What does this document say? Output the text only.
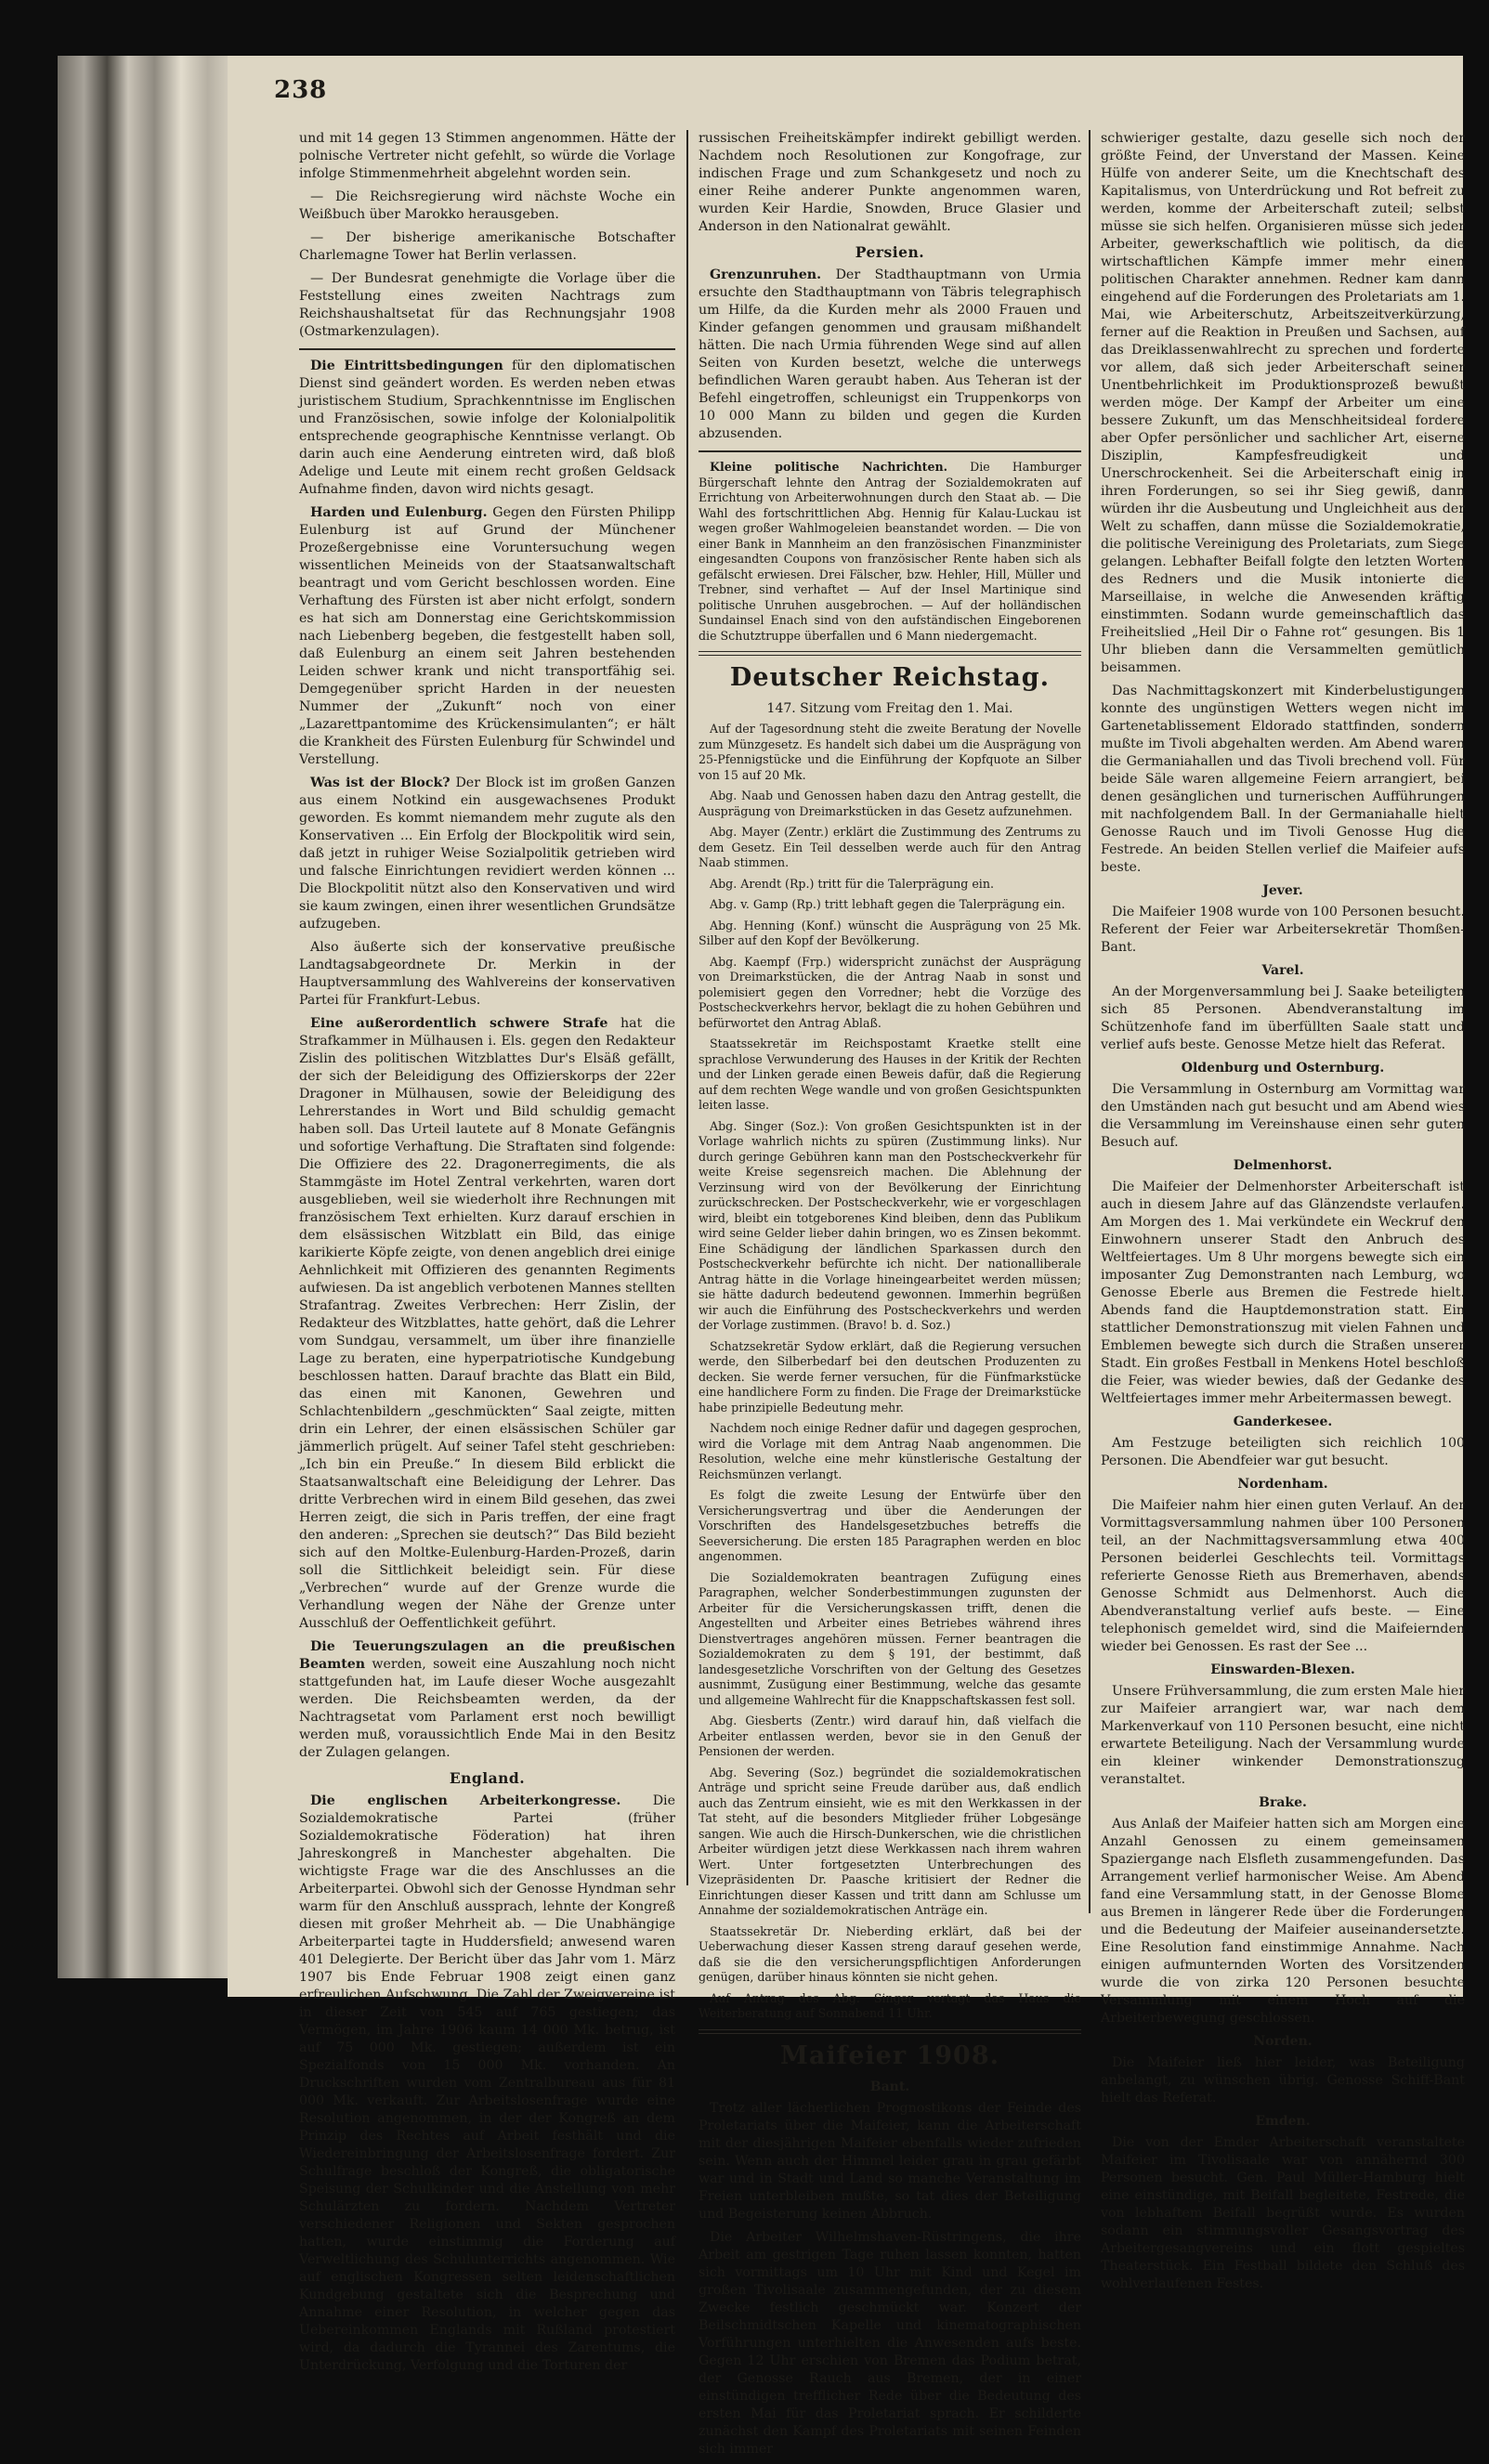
238

und mit 14 gegen 13 Stimmen angenommen. Hätte der polnische Vertreter nicht gefehlt, so würde die Vorlage infolge Stimmenmehrheit abgelehnt worden sein.

— Die Reichsregierung wird nächste Woche ein Weißbuch über Marokko herausgeben.

— Der bisherige amerikanische Botschafter Charlemagne Tower hat Berlin verlassen.

— Der Bundesrat genehmigte die Vorlage über die Feststellung eines zweiten Nachtrags zum Reichshaushaltsetat für das Rechnungsjahr 1908 (Ostmarkenzulagen).

Die Eintrittsbedingungen für den diplomatischen Dienst sind geändert worden. Es werden neben etwas juristischem Studium, Sprachkenntnisse im Englischen und Französischen, sowie infolge der Kolonialpolitik entsprechende geographische Kenntnisse verlangt. Ob darin auch eine Aenderung eintreten wird, daß bloß Adelige und Leute mit einem recht großen Geldsack Aufnahme finden, davon wird nichts gesagt.

Harden und Eulenburg. Gegen den Fürsten Philipp Eulenburg ist auf Grund der Münchener Prozeßergebnisse eine Voruntersuchung wegen wissentlichen Meineids von der Staatsanwaltschaft beantragt und vom Gericht beschlossen worden. Eine Verhaftung des Fürsten ist aber nicht erfolgt, sondern es hat sich am Donnerstag eine Gerichtskommission nach Liebenberg begeben, die festgestellt haben soll, daß Eulenburg an einem seit Jahren bestehenden Leiden schwer krank und nicht transportfähig sei. Demgegenüber spricht Harden in der neuesten Nummer der „Zukunft“ noch von einer „Lazarettpantomime des Krückensimulanten“; er hält die Krankheit des Fürsten Eulenburg für Schwindel und Verstellung.

Was ist der Block? Der Block ist im großen Ganzen aus einem Notkind ein ausgewachsenes Produkt geworden. Es kommt niemandem mehr zugute als den Konservativen ... Ein Erfolg der Blockpolitik wird sein, daß jetzt in ruhiger Weise Sozialpolitik getrieben wird und falsche Einrichtungen revidiert werden können ... Die Blockpolitit nützt also den Konservativen und wird sie kaum zwingen, einen ihrer wesentlichen Grundsätze aufzugeben.

Also äußerte sich der konservative preußische Landtagsabgeordnete Dr. Merkin in der Hauptversammlung des Wahlvereins der konservativen Partei für Frankfurt-Lebus.

Eine außerordentlich schwere Strafe hat die Strafkammer in Mülhausen i. Els. gegen den Redakteur Zislin des politischen Witzblattes Dur's Elsäß gefällt, der sich der Beleidigung des Offizierskorps der 22er Dragoner in Mülhausen, sowie der Beleidigung des Lehrerstandes in Wort und Bild schuldig gemacht haben soll. Das Urteil lautete auf 8 Monate Gefängnis und sofortige Verhaftung. Die Straftaten sind folgende: Die Offiziere des 22. Dragonerregiments, die als Stammgäste im Hotel Zentral verkehrten, waren dort ausgeblieben, weil sie wiederholt ihre Rechnungen mit französischem Text erhielten. Kurz darauf erschien in dem elsässischen Witzblatt ein Bild, das einige karikierte Köpfe zeigte, von denen angeblich drei einige Aehnlichkeit mit Offizieren des genannten Regiments aufwiesen. Da ist angeblich verbotenen Mannes stellten Strafantrag. Zweites Verbrechen: Herr Zislin, der Redakteur des Witzblattes, hatte gehört, daß die Lehrer vom Sundgau, versammelt, um über ihre finanzielle Lage zu beraten, eine hyperpatriotische Kundgebung beschlossen hatten. Darauf brachte das Blatt ein Bild, das einen mit Kanonen, Gewehren und Schlachtenbildern „geschmückten“ Saal zeigte, mitten drin ein Lehrer, der einen elsässischen Schüler gar jämmerlich prügelt. Auf seiner Tafel steht geschrieben: „Ich bin ein Preuße.“ In diesem Bild erblickt die Staatsanwaltschaft eine Beleidigung der Lehrer. Das dritte Verbrechen wird in einem Bild gesehen, das zwei Herren zeigt, die sich in Paris treffen, der eine fragt den anderen: „Sprechen sie deutsch?“ Das Bild bezieht sich auf den Moltke-Eulenburg-Harden-Prozeß, darin soll die Sittlichkeit beleidigt sein. Für diese „Verbrechen“ wurde auf der Grenze wurde die Verhandlung wegen der Nähe der Grenze unter Ausschluß der Oeffentlichkeit geführt.

Die Teuerungszulagen an die preußischen Beamten werden, soweit eine Auszahlung noch nicht stattgefunden hat, im Laufe dieser Woche ausgezahlt werden. Die Reichsbeamten werden, da der Nachtragsetat vom Parlament erst noch bewilligt werden muß, voraussichtlich Ende Mai in den Besitz der Zulagen gelangen.

England.

Die englischen Arbeiterkongresse. Die Sozialdemokratische Partei (früher Sozialdemokratische Föderation) hat ihren Jahreskongreß in Manchester abgehalten. Die wichtigste Frage war die des Anschlusses an die Arbeiterpartei. Obwohl sich der Genosse Hyndman sehr warm für den Anschluß aussprach, lehnte der Kongreß diesen mit großer Mehrheit ab. — Die Unabhängige Arbeiterpartei tagte in Huddersfield; anwesend waren 401 Delegierte. Der Bericht über das Jahr vom 1. März 1907 bis Ende Februar 1908 zeigt einen ganz erfreulichen Aufschwung. Die Zahl der Zweigvereine ist in dieser Zeit von 545 auf 765 gestiegen; das Vermögen, im Jahre 1906 kaum 14 000 Mk. betrug, ist auf 75 000 Mk. gestiegen; außerdem ist ein Spezialfonds von 15 000 Mk. vorhanden. An Druckschriften wurden vom Zentralbureau aus für 81 000 Mk. verkauft. Zur Arbeitslosenfrage wurde eine Resolution angenommen, in der der Kongreß an dem Prinzip des Rechtes auf Arbeit festhält und die Wiedereinbringung der Arbeitslosenfrage fordert. Zur Schulfrage beschloß der Kongreß, die obligatorische Speisung der Schulkinder und die Anstellung von mehr Schulärzten zu fordern. Nachdem Vertreter verschiedener Religionen und Sekten gesprochen hatten, wurde einstimmig die Forderung auf Verweltlichung des Schulunterrichts angenommen. Wie auf englischen Kongressen selten leidenschaftlichen Kundgebung gestaltete sich die Besprechung und Annahme einer Resolution, in welcher gegen das Uebereinkommen Englands mit Rußland protestiert wird, da dadurch die Tyrannei des Zarentums, die Unterdrückung, Verfolgung und die Torturen der

russischen Freiheitskämpfer indirekt gebilligt werden. Nachdem noch Resolutionen zur Kongofrage, zur indischen Frage und zum Schankgesetz und noch zu einer Reihe anderer Punkte angenommen waren, wurden Keir Hardie, Snowden, Bruce Glasier und Anderson in den Nationalrat gewählt.

Persien.

Grenzunruhen. Der Stadthauptmann von Urmia ersuchte den Stadthauptmann von Täbris telegraphisch um Hilfe, da die Kurden mehr als 2000 Frauen und Kinder gefangen genommen und grausam mißhandelt hätten. Die nach Urmia führenden Wege sind auf allen Seiten von Kurden besetzt, welche die unterwegs befindlichen Waren geraubt haben. Aus Teheran ist der Befehl eingetroffen, schleunigst ein Truppenkorps von 10 000 Mann zu bilden und gegen die Kurden abzusenden.

Kleine politische Nachrichten. Die Hamburger Bürgerschaft lehnte den Antrag der Sozialdemokraten auf Errichtung von Arbeiterwohnungen durch den Staat ab. — Die Wahl des fortschrittlichen Abg. Hennig für Kalau-Luckau ist wegen großer Wahlmogeleien beanstandet worden. — Die von einer Bank in Mannheim an den französischen Finanzminister eingesandten Coupons von französischer Rente haben sich als gefälscht erwiesen. Drei Fälscher, bzw. Hehler, Hill, Müller und Trebner, sind verhaftet — Auf der Insel Martinique sind politische Unruhen ausgebrochen. — Auf der holländischen Sundainsel Enach sind von den aufständischen Eingeborenen die Schutztruppe überfallen und 6 Mann niedergemacht.

Deutscher Reichstag.
147. Sitzung vom Freitag den 1. Mai.

Auf der Tagesordnung steht die zweite Beratung der Novelle zum Münzgesetz. Es handelt sich dabei um die Ausprägung von 25-Pfennigstücke und die Einführung der Kopfquote an Silber von 15 auf 20 Mk.

Abg. Naab und Genossen haben dazu den Antrag gestellt, die Ausprägung von Dreimarkstücken in das Gesetz aufzunehmen.

Abg. Mayer (Zentr.) erklärt die Zustimmung des Zentrums zu dem Gesetz. Ein Teil desselben werde auch für den Antrag Naab stimmen.

Abg. Arendt (Rp.) tritt für die Talerprägung ein.

Abg. v. Gamp (Rp.) tritt lebhaft gegen die Talerprägung ein.

Abg. Henning (Konf.) wünscht die Ausprägung von 25 Mk. Silber auf den Kopf der Bevölkerung.

Abg. Kaempf (Frp.) widerspricht zunächst der Ausprägung von Dreimarkstücken, die der Antrag Naab in sonst und polemisiert gegen den Vorredner; hebt die Vorzüge des Postscheckverkehrs hervor, beklagt die zu hohen Gebühren und befürwortet den Antrag Ablaß.

Staatssekretär im Reichspostamt Kraetke stellt eine sprachlose Verwunderung des Hauses in der Kritik der Rechten und der Linken gerade einen Beweis dafür, daß die Regierung auf dem rechten Wege wandle und von großen Gesichtspunkten leiten lasse.

Abg. Singer (Soz.): Von großen Gesichtspunkten ist in der Vorlage wahrlich nichts zu spüren (Zustimmung links). Nur durch geringe Gebühren kann man den Postscheckverkehr für weite Kreise segensreich machen. Die Ablehnung der Verzinsung wird von der Bevölkerung der Einrichtung zurückschrecken. Der Postscheckverkehr, wie er vorgeschlagen wird, bleibt ein totgeborenes Kind bleiben, denn das Publikum wird seine Gelder lieber dahin bringen, wo es Zinsen bekommt. Eine Schädigung der ländlichen Sparkassen durch den Postscheckverkehr befürchte ich nicht. Der nationalliberale Antrag hätte in die Vorlage hineingearbeitet werden müssen; sie hätte dadurch bedeutend gewonnen. Immerhin begrüßen wir auch die Einführung des Postscheckverkehrs und werden der Vorlage zustimmen. (Bravo! b. d. Soz.)

Schatzsekretär Sydow erklärt, daß die Regierung versuchen werde, den Silberbedarf bei den deutschen Produzenten zu decken. Sie werde ferner versuchen, für die Fünfmarkstücke eine handlichere Form zu finden. Die Frage der Dreimarkstücke habe prinzipielle Bedeutung mehr.

Nachdem noch einige Redner dafür und dagegen gesprochen, wird die Vorlage mit dem Antrag Naab angenommen. Die Resolution, welche eine mehr künstlerische Gestaltung der Reichsmünzen verlangt.

Es folgt die zweite Lesung der Entwürfe über den Versicherungsvertrag und über die Aenderungen der Vorschriften des Handelsgesetzbuches betreffs die Seeversicherung. Die ersten 185 Paragraphen werden en bloc angenommen.

Die Sozialdemokraten beantragen Zufügung eines Paragraphen, welcher Sonderbestimmungen zugunsten der Arbeiter für die Versicherungskassen trifft, denen die Angestellten und Arbeiter eines Betriebes während ihres Dienstvertrages angehören müssen. Ferner beantragen die Sozialdemokraten zu dem § 191, der bestimmt, daß landesgesetzliche Vorschriften von der Geltung des Gesetzes ausnimmt, Zusügung einer Bestimmung, welche das gesamte und allgemeine Wahlrecht für die Knappschaftskassen fest soll.

Abg. Giesberts (Zentr.) wird darauf hin, daß vielfach die Arbeiter entlassen werden, bevor sie in den Genuß der Pensionen der werden.

Abg. Severing (Soz.) begründet die sozialdemokratischen Anträge und spricht seine Freude darüber aus, daß endlich auch das Zentrum einsieht, wie es mit den Werkkassen in der Tat steht, auf die besonders Mitglieder früher Lobgesänge sangen. Wie auch die Hirsch-Dunkerschen, wie die christlichen Arbeiter würdigen jetzt diese Werkkassen nach ihrem wahren Wert. Unter fortgesetzten Unterbrechungen des Vizepräsidenten Dr. Paasche kritisiert der Redner die Einrichtungen dieser Kassen und tritt dann am Schlusse um Annahme der sozialdemokratischen Anträge ein.

Staatssekretär Dr. Nieberding erklärt, daß bei der Ueberwachung dieser Kassen streng darauf gesehen werde, daß sie die den versicherungspflichtigen Anforderungen genügen, darüber hinaus könnten sie nicht gehen.

Auf Antrag des Abg. Singer vertagt das Haus die Weiterberatung auf Sonnabend 11 Uhr.

Maifeier 1908.
Bant.

Trotz aller lächerlichen Prognostikons der Feinde des Proletariats über die Maifeier, kann die Arbeiterschaft mit der diesjährigen Maifeier ebenfalls wieder zufrieden sein. Wenn auch der Himmel leider grau in grau gefärbt war und in Stadt und Land so manche Veranstaltung im Freien unterbleiben mußte, so tat dies der Beteiligung und Begeisterung keinen Abbruch.

Die Arbeiter Wilhelmshaven-Rüstringens, die ihre Arbeit am gestrigen Tage ruhen lassen konnten, hatten sich vormittags um 10 Uhr mit Kind und Kegel im großen Tivolisaale zusammengefunden, der zu diesem Zwecke festlich geschmückt war. Konzert der Beilschmidtschen Kapelle und kinematographischen Vorführungen unterhielten die Anwesenden aufs beste. Gegen 12 Uhr erschien von Bremen das Podium betrat, der Genosse Rauch aus Bremen, der in einer einstündigen trefflicher Rede über die Bedeutung des ersten Mai für das Proletariat sprach. Er schilderte zunächst den Kampf des Proletariats mit seinen Feinden sich immer

schwieriger gestalte, dazu geselle sich noch der größte Feind, der Unverstand der Massen. Keine Hülfe von anderer Seite, um die Knechtschaft des Kapitalismus, von Unterdrückung und Rot befreit zu werden, komme der Arbeiterschaft zuteil; selbst müsse sie sich helfen. Organisieren müsse sich jeder Arbeiter, gewerkschaftlich wie politisch, da die wirtschaftlichen Kämpfe immer mehr einen politischen Charakter annehmen. Redner kam dann eingehend auf die Forderungen des Proletariats am 1. Mai, wie Arbeiterschutz, Arbeitszeitverkürzung, ferner auf die Reaktion in Preußen und Sachsen, auf das Dreiklassenwahlrecht zu sprechen und forderte vor allem, daß sich jeder Arbeiterschaft seiner Unentbehrlichkeit im Produktionsprozeß bewußt werden möge. Der Kampf der Arbeiter um eine bessere Zukunft, um das Menschheitsideal fordere aber Opfer persönlicher und sachlicher Art, eiserne Disziplin, Kampfesfreudigkeit und Unerschrockenheit. Sei die Arbeiterschaft einig in ihren Forderungen, so sei ihr Sieg gewiß, dann würden ihr die Ausbeutung und Ungleichheit aus der Welt zu schaffen, dann müsse die Sozialdemokratie, die politische Vereinigung des Proletariats, zum Siege gelangen. Lebhafter Beifall folgte den letzten Worten des Redners und die Musik intonierte die Marseillaise, in welche die Anwesenden kräftig einstimmten. Sodann wurde gemeinschaftlich das Freiheitslied „Heil Dir o Fahne rot“ gesungen. Bis 1 Uhr blieben dann die Versammelten gemütlich beisammen.

Das Nachmittagskonzert mit Kinderbelustigungen konnte des ungünstigen Wetters wegen nicht im Gartenetablissement Eldorado stattfinden, sondern mußte im Tivoli abgehalten werden. Am Abend waren die Germaniahallen und das Tivoli brechend voll. Für beide Säle waren allgemeine Feiern arrangiert, bei denen gesänglichen und turnerischen Aufführungen mit nachfolgendem Ball. In der Germaniahalle hielt Genosse Rauch und im Tivoli Genosse Hug die Festrede. An beiden Stellen verlief die Maifeier aufs beste.

Jever.

Die Maifeier 1908 wurde von 100 Personen besucht. Referent der Feier war Arbeitersekretär Thomßen-Bant.

Varel.

An der Morgenversammlung bei J. Saake beteiligten sich 85 Personen. Abendveranstaltung im Schützenhofe fand im überfüllten Saale statt und verlief aufs beste. Genosse Metze hielt das Referat.

Oldenburg und Osternburg.

Die Versammlung in Osternburg am Vormittag war den Umständen nach gut besucht und am Abend wies die Versammlung im Vereinshause einen sehr guten Besuch auf.

Delmenhorst.

Die Maifeier der Delmenhorster Arbeiterschaft ist auch in diesem Jahre auf das Glänzendste verlaufen. Am Morgen des 1. Mai verkündete ein Weckruf den Einwohnern unserer Stadt den Anbruch des Weltfeiertages. Um 8 Uhr morgens bewegte sich ein imposanter Zug Demonstranten nach Lemburg, wo Genosse Eberle aus Bremen die Festrede hielt. Abends fand die Hauptdemonstration statt. Ein stattlicher Demonstrationszug mit vielen Fahnen und Emblemen bewegte sich durch die Straßen unserer Stadt. Ein großes Festball in Menkens Hotel beschloß die Feier, was wieder bewies, daß der Gedanke des Weltfeiertages immer mehr Arbeitermassen bewegt.

Ganderkesee.

Am Festzuge beteiligten sich reichlich 100 Personen. Die Abendfeier war gut besucht.

Nordenham.

Die Maifeier nahm hier einen guten Verlauf. An der Vormittagsversammlung nahmen über 100 Personen teil, an der Nachmittagsversammlung etwa 400 Personen beiderlei Geschlechts teil. Vormittags referierte Genosse Rieth aus Bremerhaven, abends Genosse Schmidt aus Delmenhorst. Auch die Abendveranstaltung verlief aufs beste. — Eine telephonisch gemeldet wird, sind die Maifeiernden wieder bei Genossen. Es rast der See ...

Einswarden-Blexen.

Unsere Frühversammlung, die zum ersten Male hier zur Maifeier arrangiert war, war nach dem Markenverkauf von 110 Personen besucht, eine nicht erwartete Beteiligung. Nach der Versammlung wurde ein kleiner winkender Demonstrationszug veranstaltet.

Brake.

Aus Anlaß der Maifeier hatten sich am Morgen eine Anzahl Genossen zu einem gemeinsamen Spaziergange nach Elsfleth zusammengefunden. Das Arrangement verlief harmonischer Weise. Am Abend fand eine Versammlung statt, in der Genosse Blome aus Bremen in längerer Rede über die Forderungen und die Bedeutung der Maifeier auseinandersetzte. Eine Resolution fand einstimmige Annahme. Nach einigen aufmunternden Worten des Vorsitzenden wurde die von zirka 120 Personen besuchte Versammlung mit einem Hoch auf die Arbeiterbewegung geschlossen.

Norden.

Die Maifeier ließ hier leider, was Beteiligung anbelangt, zu wünschen übrig. Genosse Schiff-Bant hielt das Referat.

Emden.

Die von der Emder Arbeiterschaft veranstaltete Maifeier im Tivolisaale war von annähernd 300 Personen besucht. Gen. Paul Müller-Hamburg hielt eine einstündige, mit Beifall begleitete, Festrede, die von lebhaftem Beifall begrüßt wurde. Es wurden sodann ein stimmungsvoller Gesangsvortrag des Arbeitergesangvereins und ein flott gespieltes Theaterstück. Ein Festball bildete den Schluß des wohlverlaufenen Festes.
